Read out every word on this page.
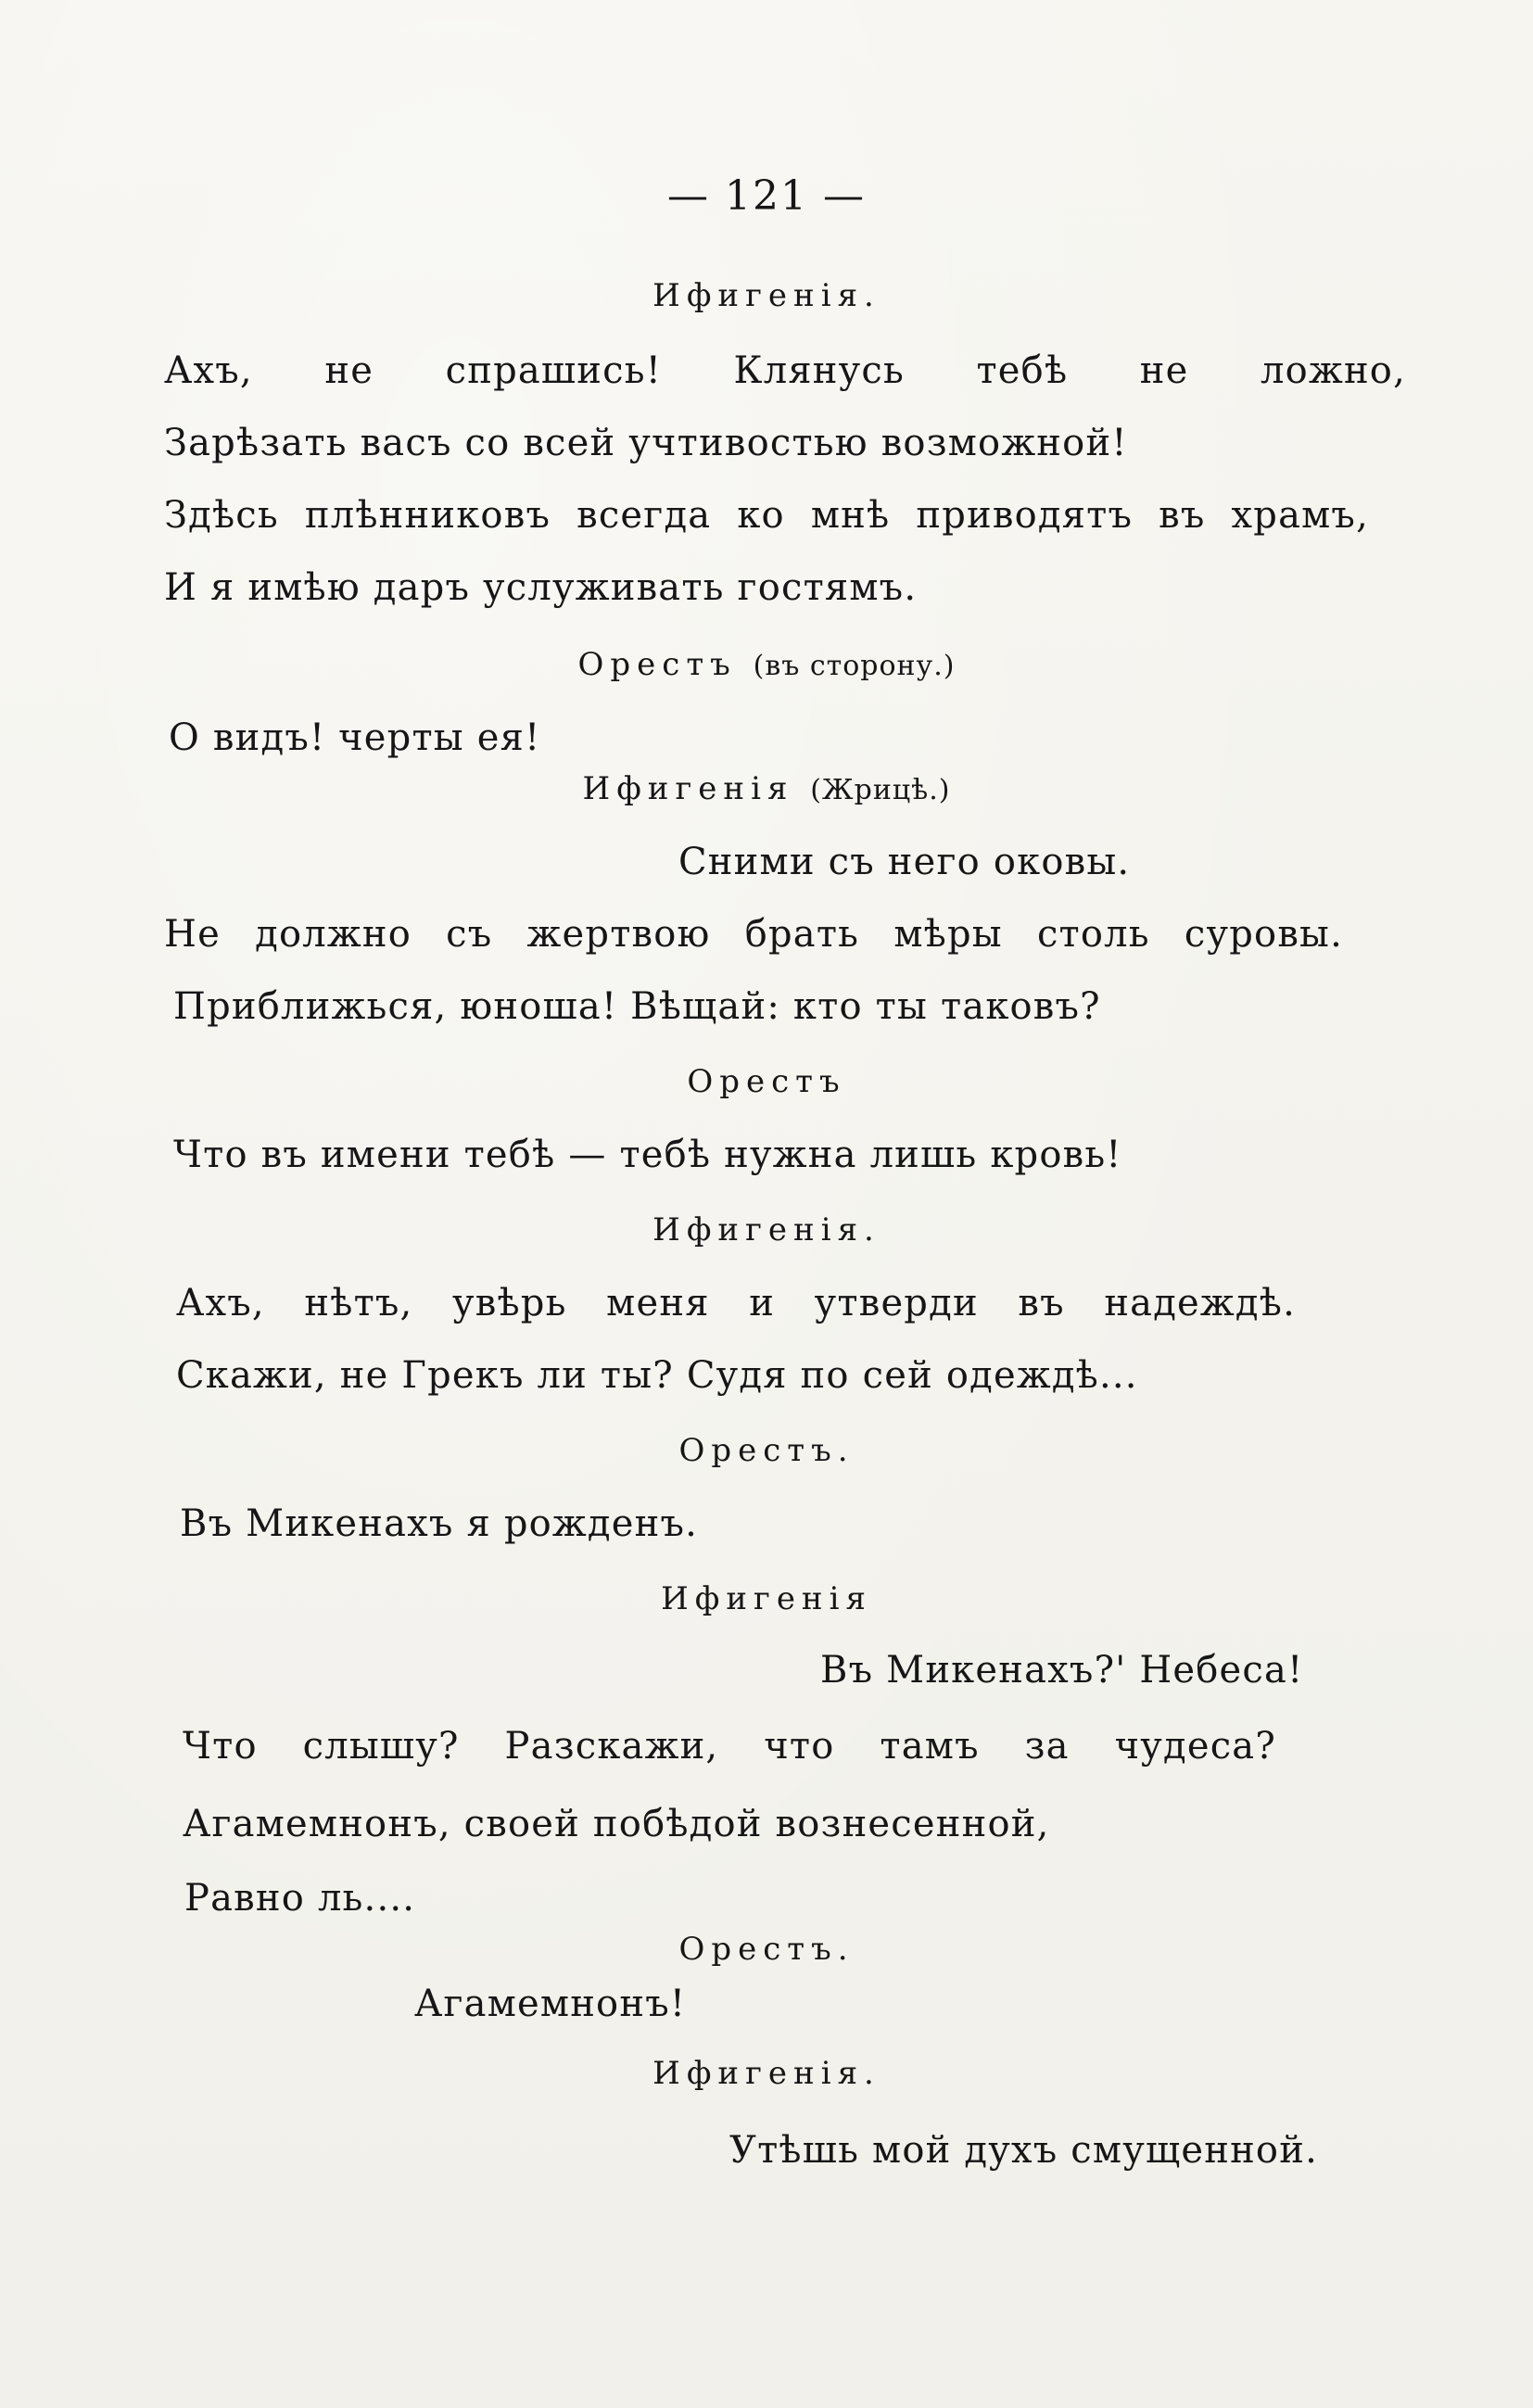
— 121 —
Ифигенія.
Ахъ, не спрашись! Клянусь тебѣ не ложно,
Зарѣзать васъ со всей учтивостью возможной!
Здѣсь плѣнниковъ всегда ко мнѣ приводятъ въ храмъ,
И я имѣю даръ услуживать гостямъ.
Орестъ (въ сторону.)
О видъ! черты ея!
Ифигенія (Жрицѣ.)
Сними съ него оковы.
Не должно съ жертвою брать мѣры столь суровы.
Приближься, юноша! Вѣщай: кто ты таковъ?
Орестъ
Что въ имени тебѣ — тебѣ нужна лишь кровь!
Ифигенія.
Ахъ, нѣтъ, увѣрь меня и утверди въ надеждѣ.
Скажи, не Грекъ ли ты? Судя по сей одеждѣ...
Орестъ.
Въ Микенахъ я рожденъ.
Ифигенія
Въ Микенахъ?' Небеса!
Что слышу? Разскажи, что тамъ за чудеса?
Агамемнонъ, своей побѣдой вознесенной,
Равно ль....
Орестъ.
Агамемнонъ!
Ифигенія.
Утѣшь мой духъ смущенной.
